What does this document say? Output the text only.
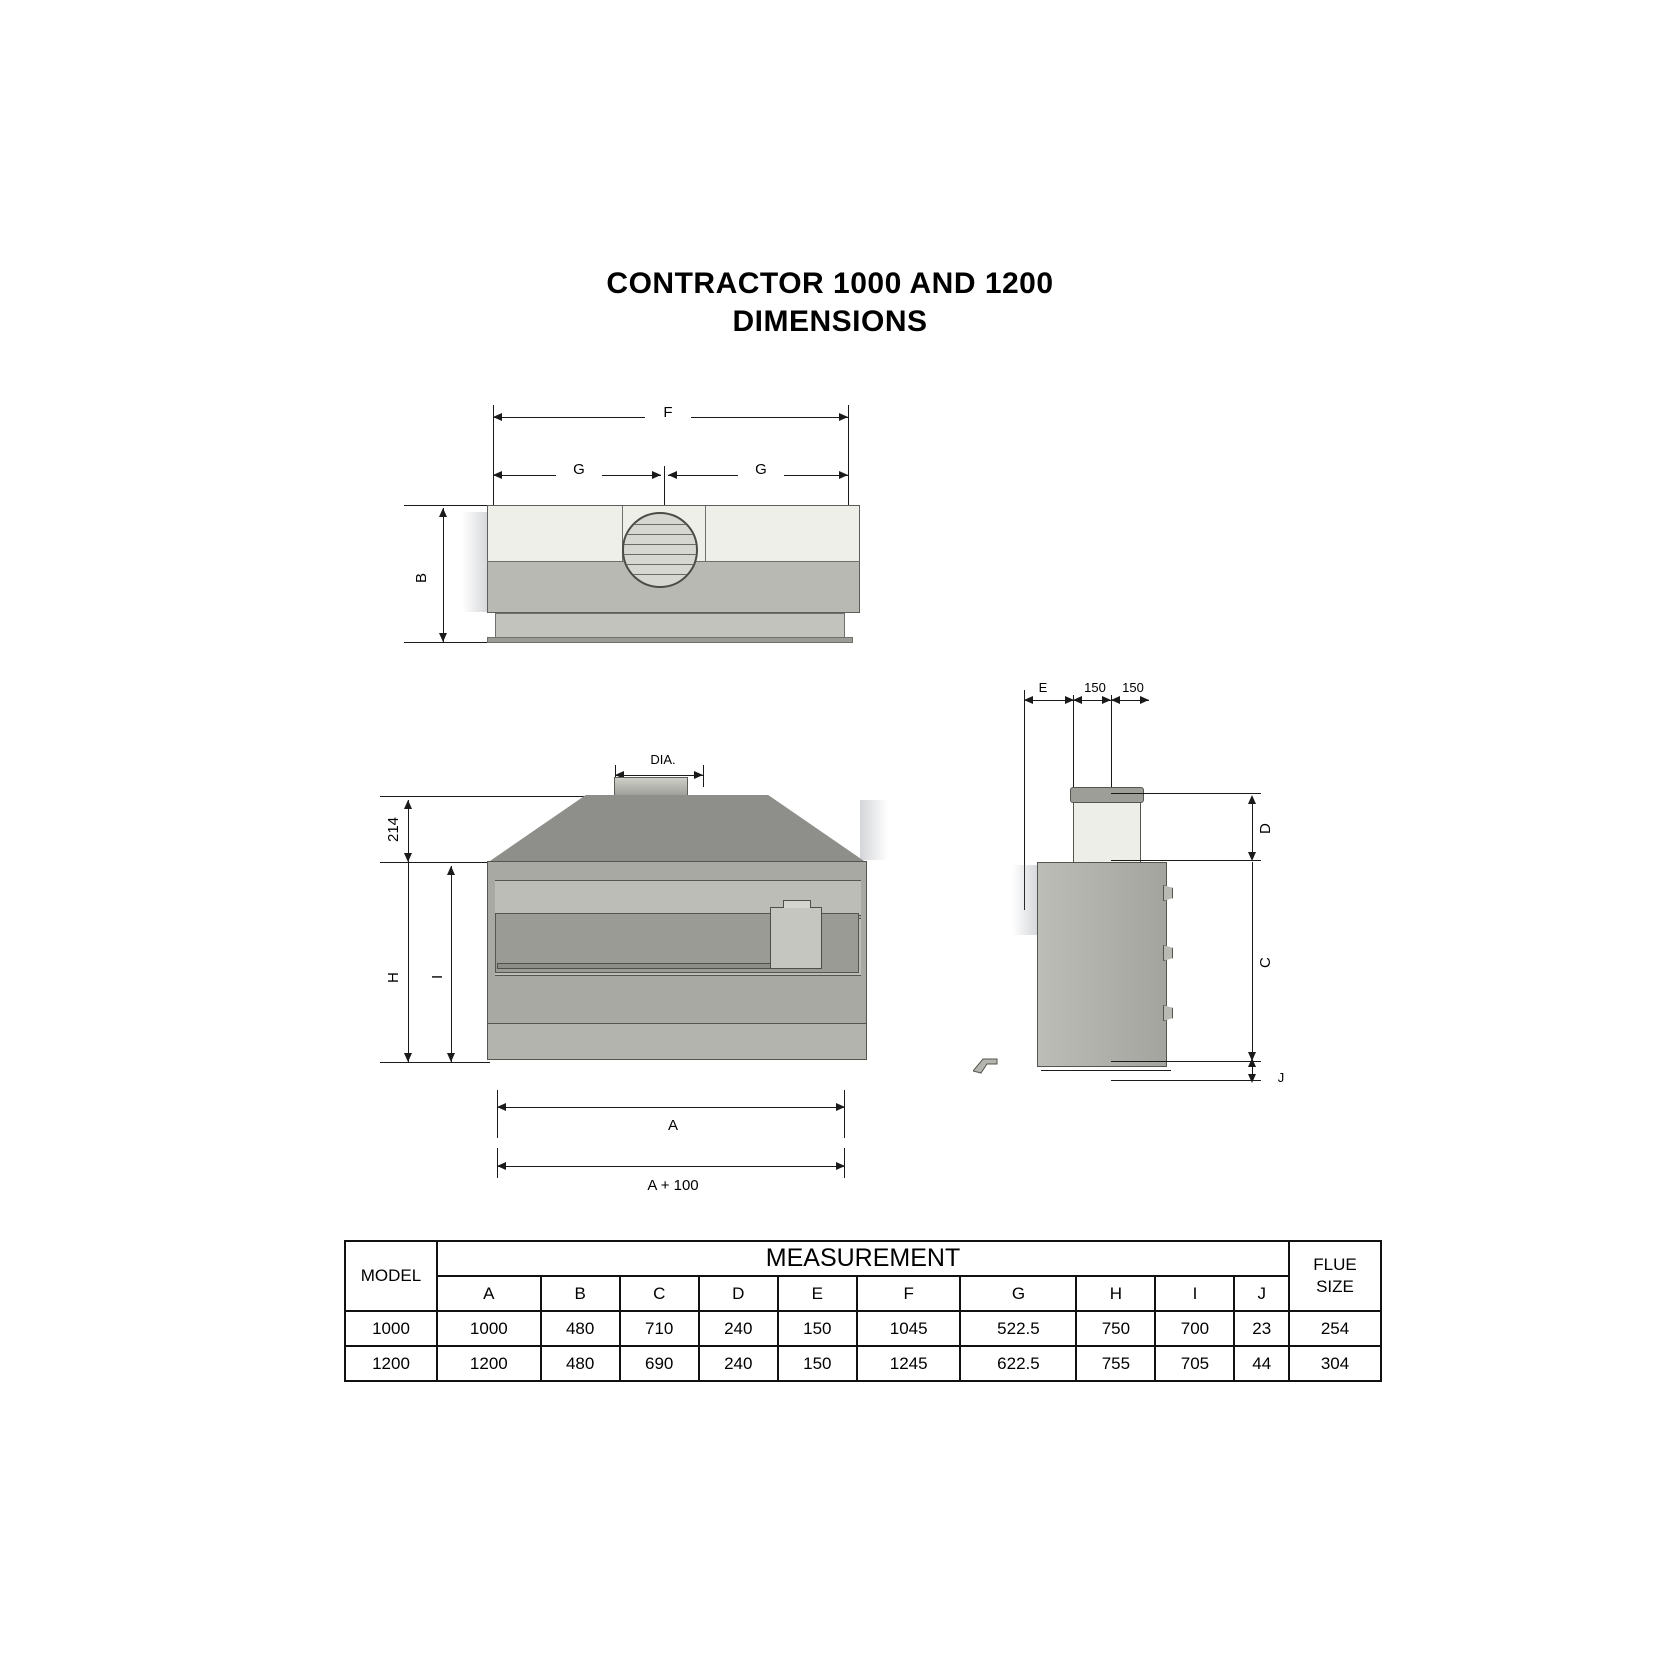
CONTRACTOR 1000 AND 1200
DIMENSIONS
F
G	G
B
DIA.
214
H I
A
A + 100
E	150	150
D
C
J
MODEL	MEASUREMENT										FLUE
SIZE

	A	B	C	D	E	F	G	H	I	J	
1000	1000	480	710	240	150	1045	522.5	750	700	23	254
1200	1200	480	690	240	150	1245	622.5	755	705	44	304
